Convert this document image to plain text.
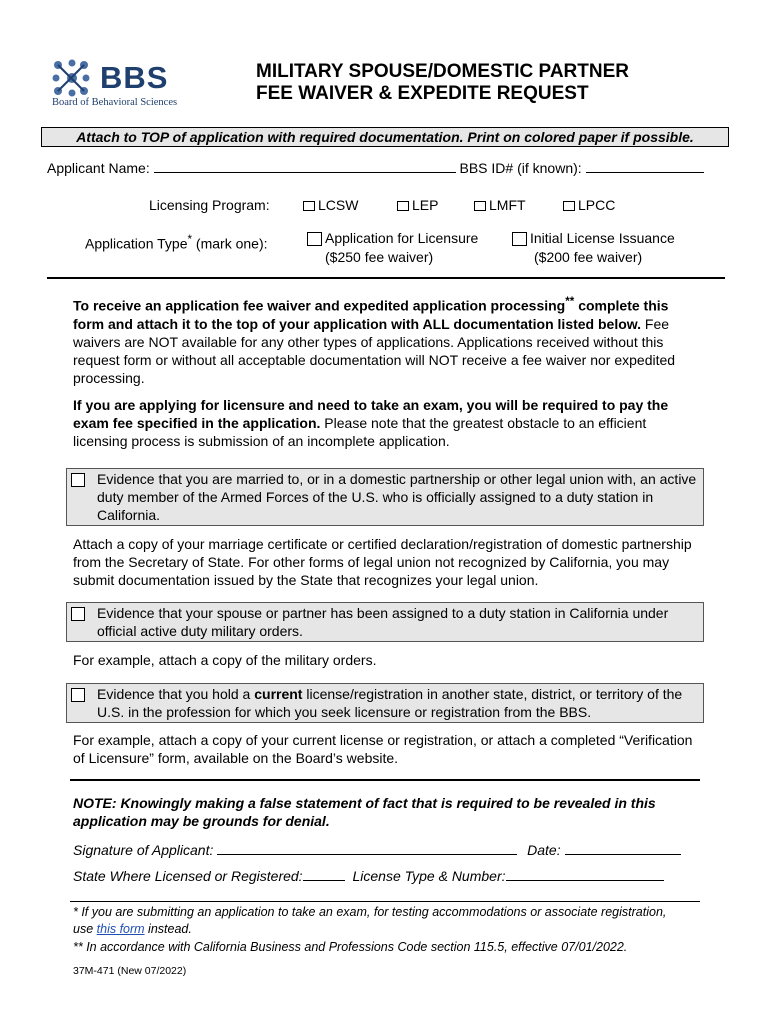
BBS
Board of Behavioral Sciences
MILITARY SPOUSE/DOMESTIC PARTNER
FEE WAIVER & EXPEDITE REQUEST
Attach to TOP of application with required documentation. Print on colored paper if possible.
Applicant Name:	BBS ID# (if known):
Licensing Program:	LCSW	LEP	LMFT	LPCC
Application Type* (mark one):	Application for Licensure
($250 fee waiver)
Initial License Issuance
($200 fee waiver)
To receive an application fee waiver and expedited application processing** complete this form and attach it to the top of your application with ALL documentation listed below. Fee waivers are NOT available for any other types of applications. Applications received without this request form or without all acceptable documentation will NOT receive a fee waiver nor expedited processing.
If you are applying for licensure and need to take an exam, you will be required to pay the exam fee specified in the application. Please note that the greatest obstacle to an efficient licensing process is submission of an incomplete application.
Evidence that you are married to, or in a domestic partnership or other legal union with, an active duty member of the Armed Forces of the U.S. who is officially assigned to a duty station in California.
Attach a copy of your marriage certificate or certified declaration/registration of domestic partnership from the Secretary of State. For other forms of legal union not recognized by California, you may submit documentation issued by the State that recognizes your legal union.
Evidence that your spouse or partner has been assigned to a duty station in California under official active duty military orders.
For example, attach a copy of the military orders.
Evidence that you hold a current license/registration in another state, district, or territory of the U.S. in the profession for which you seek licensure or registration from the BBS.
For example, attach a copy of your current license or registration, or attach a completed “Verification of Licensure” form, available on the Board’s website.
NOTE: Knowingly making a false statement of fact that is required to be revealed in this application may be grounds for denial.
Signature of Applicant:	Date:
State Where Licensed or Registered:	License Type & Number:
* If you are submitting an application to take an exam, for testing accommodations or associate registration, use this form instead.
** In accordance with California Business and Professions Code section 115.5, effective 07/01/2022.
37M-471 (New 07/2022)
